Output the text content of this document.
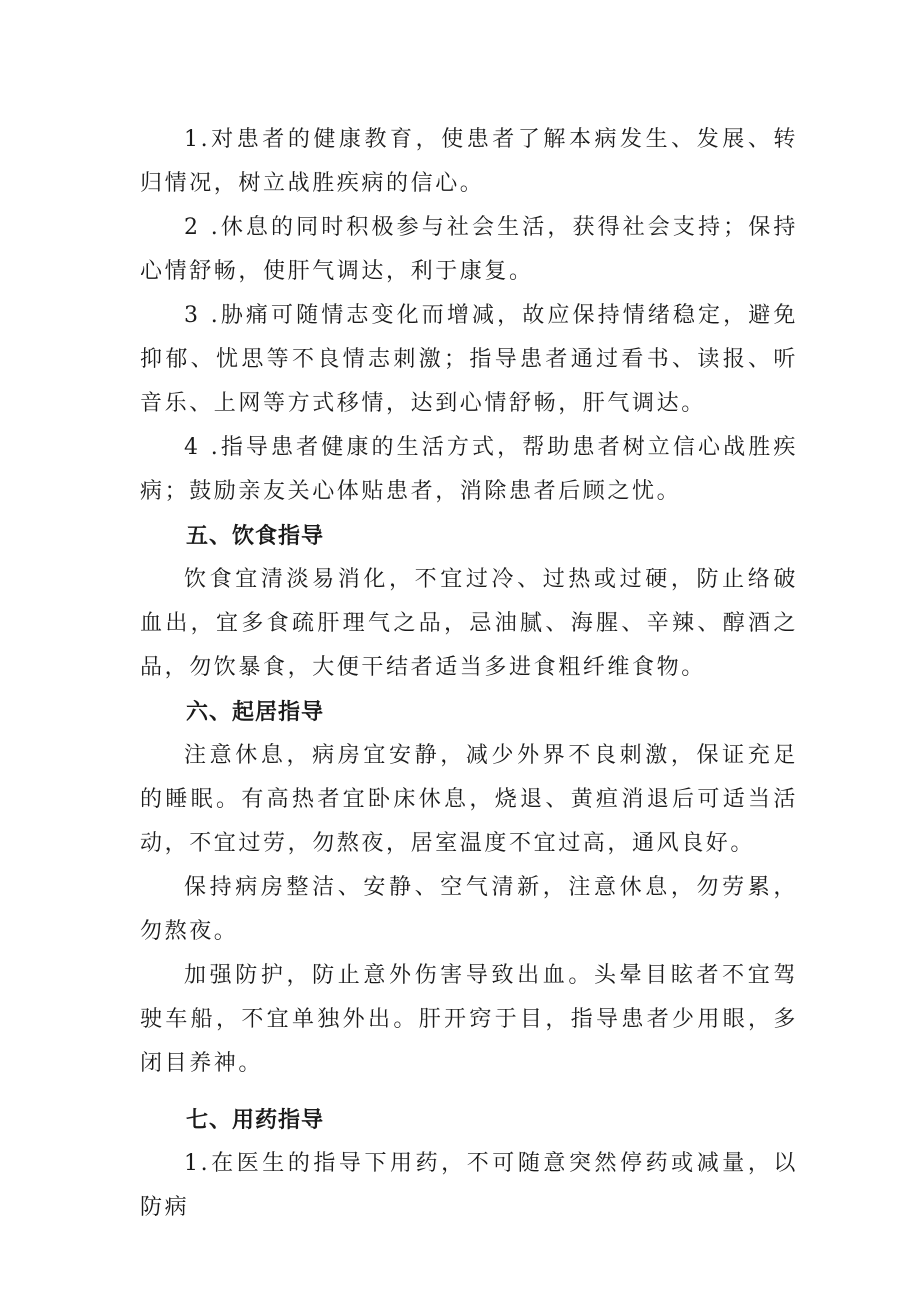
1.对患者的健康教育，使患者了解本病发生、发展、转归情况，树立战胜疾病的信心。

2 .休息的同时积极参与社会生活，获得社会支持；保持心情舒畅，使肝气调达，利于康复。

3 .胁痛可随情志变化而增减，故应保持情绪稳定，避免抑郁、忧思等不良情志刺激；指导患者通过看书、读报、听音乐、上网等方式移情，达到心情舒畅，肝气调达。

4 .指导患者健康的生活方式，帮助患者树立信心战胜疾病；鼓励亲友关心体贴患者，消除患者后顾之忧。

五、饮食指导

饮食宜清淡易消化，不宜过冷、过热或过硬，防止络破血出，宜多食疏肝理气之品，忌油腻、海腥、辛辣、醇酒之品，勿饮暴食，大便干结者适当多进食粗纤维食物。

六、起居指导

注意休息，病房宜安静，减少外界不良刺激，保证充足的睡眠。有高热者宜卧床休息，烧退、黄疸消退后可适当活动，不宜过劳，勿熬夜，居室温度不宜过高，通风良好。

保持病房整洁、安静、空气清新，注意休息，勿劳累，勿熬夜。

加强防护，防止意外伤害导致出血。头晕目眩者不宜驾驶车船，不宜单独外出。肝开窍于目，指导患者少用眼，多闭目养神。

七、用药指导

1.在医生的指导下用药，不可随意突然停药或减量，以防病
